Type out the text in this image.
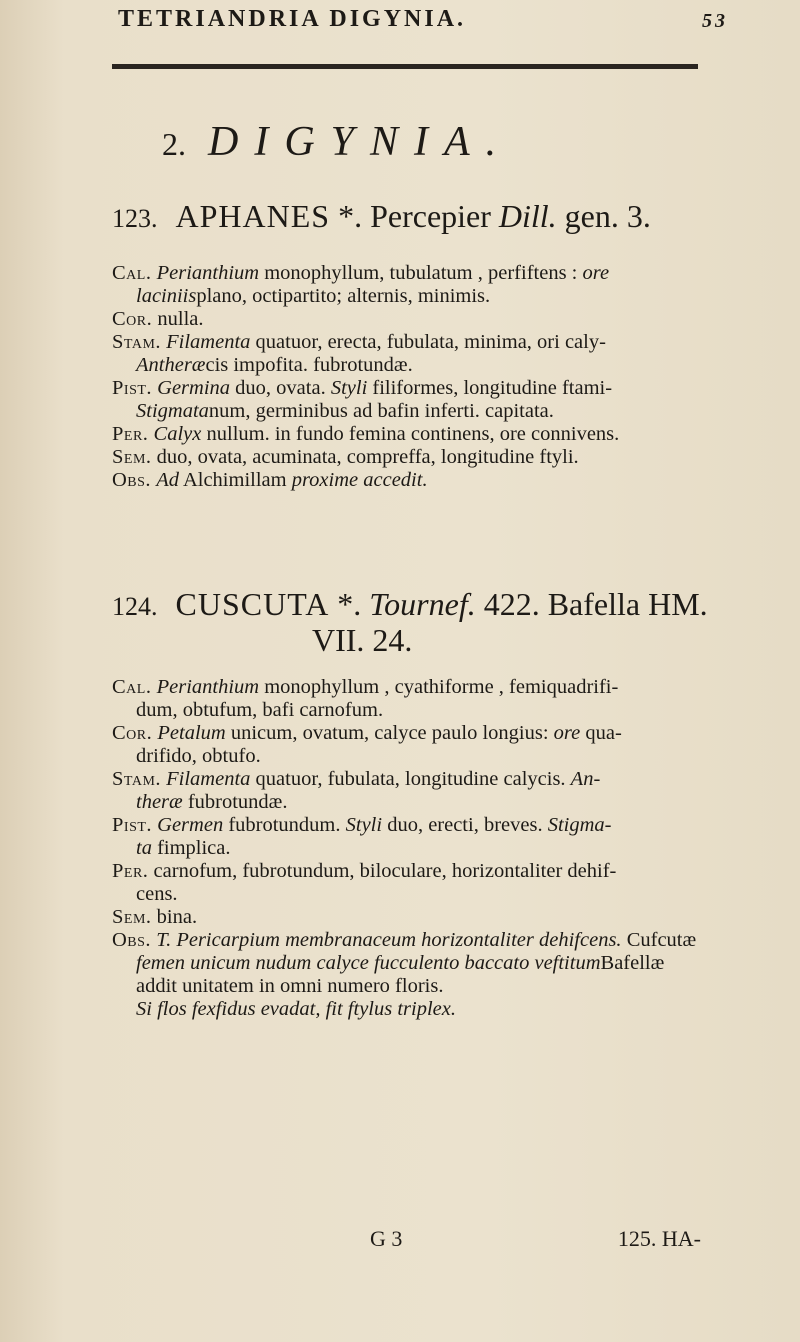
TETRIANDRIA DIGYNIA.	53
2. DIGYNIA.
123. APHANES *. Percepier Dill. gen. 3.
Cal. Perianthium monophyllum, tubulatum , perfiftens : ore
laciniisplano, octipartito; alternis, minimis.
Cor. nulla.
Stam. Filamenta quatuor, erecta, fubulata, minima, ori caly-
Antheræcis impofita. fubrotundæ.
Pist. Germina duo, ovata. Styli filiformes, longitudine ftami-
Stigmatanum, germinibus ad bafin inferti. capitata.
Per. Calyx nullum. in fundo femina continens, ore connivens.
Sem. duo, ovata, acuminata, compreffa, longitudine ftyli.
Obs. Ad Alchimillam proxime accedit.
124. CUSCUTA *. Tournef. 422. Bafella HM.
VII. 24.
Cal. Perianthium monophyllum , cyathiforme , femiquadrifi-
dum, obtufum, bafi carnofum.
Cor. Petalum unicum, ovatum, calyce paulo longius: ore qua-
drifido, obtufo.
Stam. Filamenta quatuor, fubulata, longitudine calycis. An-
theræ fubrotundæ.
Pist. Germen fubrotundum. Styli duo, erecti, breves. Stigma-
ta fimplica.
Per. carnofum, fubrotundum, biloculare, horizontaliter dehif-
cens.
Sem. bina.
Obs. T. Pericarpium membranaceum horizontaliter dehifcens. Cufcutæ
femen unicum nudum calyce fucculento baccato veftitumBafellæ
addit unitatem in omni numero floris.
Si flos fexfidus evadat, fit ftylus triplex.
G 3	125. HA-
